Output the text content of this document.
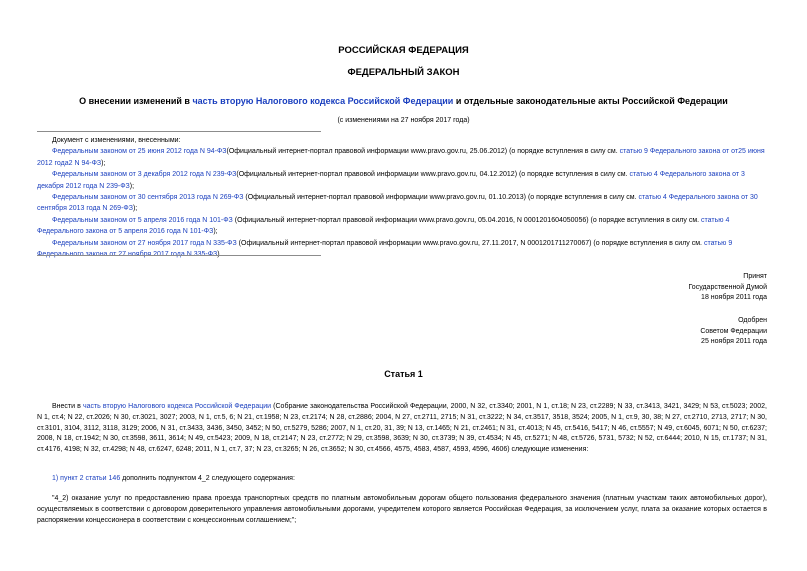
РОССИЙСКАЯ ФЕДЕРАЦИЯ
ФЕДЕРАЛЬНЫЙ ЗАКОН
О внесении изменений в часть вторую Налогового кодекса Российской Федерации и отдельные законодательные акты Российской Федерации
(с изменениями на 27 ноября 2017 года)
Документ с изменениями, внесенными:
Федеральным законом от 25 июня 2012 года N 94-ФЗ(Официальный интернет-портал правовой информации www.pravo.gov.ru, 25.06.2012) (о порядке вступления в силу см. статью 9 Федерального закона от от25 июня 2012 года2 N 94-ФЗ);
Федеральным законом от 3 декабря 2012 года N 239-ФЗ(Официальный интернет-портал правовой информации www.pravo.gov.ru, 04.12.2012) (о порядке вступления в силу см. статью 4 Федерального закона от 3 декабря 2012 года N 239-ФЗ);
Федеральным законом от 30 сентября 2013 года N 269-ФЗ (Официальный интернет-портал правовой информации www.pravo.gov.ru, 01.10.2013) (о порядке вступления в силу см. статью 4 Федерального закона от 30 сентября 2013 года N 269-ФЗ);
Федеральным законом от 5 апреля 2016 года N 101-ФЗ (Официальный интернет-портал правовой информации www.pravo.gov.ru, 05.04.2016, N 0001201604050056) (о порядке вступления в силу см. статью 4 Федерального закона от 5 апреля 2016 года N 101-ФЗ);
Федеральным законом от 27 ноября 2017 года N 335-ФЗ (Официальный интернет-портал правовой информации www.pravo.gov.ru, 27.11.2017, N 0001201711270067) (о порядке вступления в силу см. статью 9
Принят
Государственной Думой
18 ноября 2011 года
Одобрен
Советом Федерации
25 ноября 2011 года
Статья 1
Внести в часть вторую Налогового кодекса Российской Федерации (Собрание законодательства Российской Федерации, 2000, N 32, ст.3340; 2001, N 1, ст.18; N 23, ст.2289; N 33, ст.3413, 3421, 3429; N 53, ст.5023; 2002, N 1, ст.4; N 22, ст.2026; N 30, ст.3021, 3027; 2003, N 1, ст.5, 6; N 21, ст.1958; N 23, ст.2174; N 28, ст.2886; 2004, N 27, ст.2711, 2715; N 31, ст.3222; N 34, ст.3517, 3518, 3524; 2005, N 1, ст.9, 30, 38; N 27, ст.2710, 2713, 2717; N 30, ст.3101, 3104, 3112, 3118, 3129; 2006, N 31, ст.3433, 3436, 3450, 3452; N 50, ст.5279, 5286; 2007, N 1, ст.20, 31, 39; N 13, ст.1465; N 21, ст.2461; N 31, ст.4013; N 45, ст.5416, 5417; N 46, ст.5557; N 49, ст.6045, 6071; N 50, ст.6237; 2008, N 18, ст.1942; N 30, ст.3598, 3611, 3614; N 49, ст.5423; 2009, N 18, ст.2147; N 23, ст.2772; N 29, ст.3598, 3639; N 30, ст.3739; N 39, ст.4534; N 45, ст.5271; N 48, ст.5726, 5731, 5732; N 52, ст.6444; 2010, N 15, ст.1737; N 31, ст.4176, 4198; N 32, ст.4298; N 48, ст.6247, 6248; 2011, N 1, ст.7, 37; N 23, ст.3265; N 26, ст.3652; N 30, ст.4566, 4575, 4583, 4587, 4593, 4596, 4606) следующие изменения:
1) пункт 2 статьи 146 дополнить подпунктом 4_2 следующего содержания:
"4_2) оказание услуг по предоставлению права проезда транспортных средств по платным автомобильным дорогам общего пользования федерального значения (платным участкам таких автомобильных дорог), осуществляемых в соответствии с договором доверительного управления автомобильными дорогами, учредителем которого является Российская Федерация, за исключением услуг, плата за оказание которых остается в распоряжении концессионера в соответствии с концессионным соглашением;";
